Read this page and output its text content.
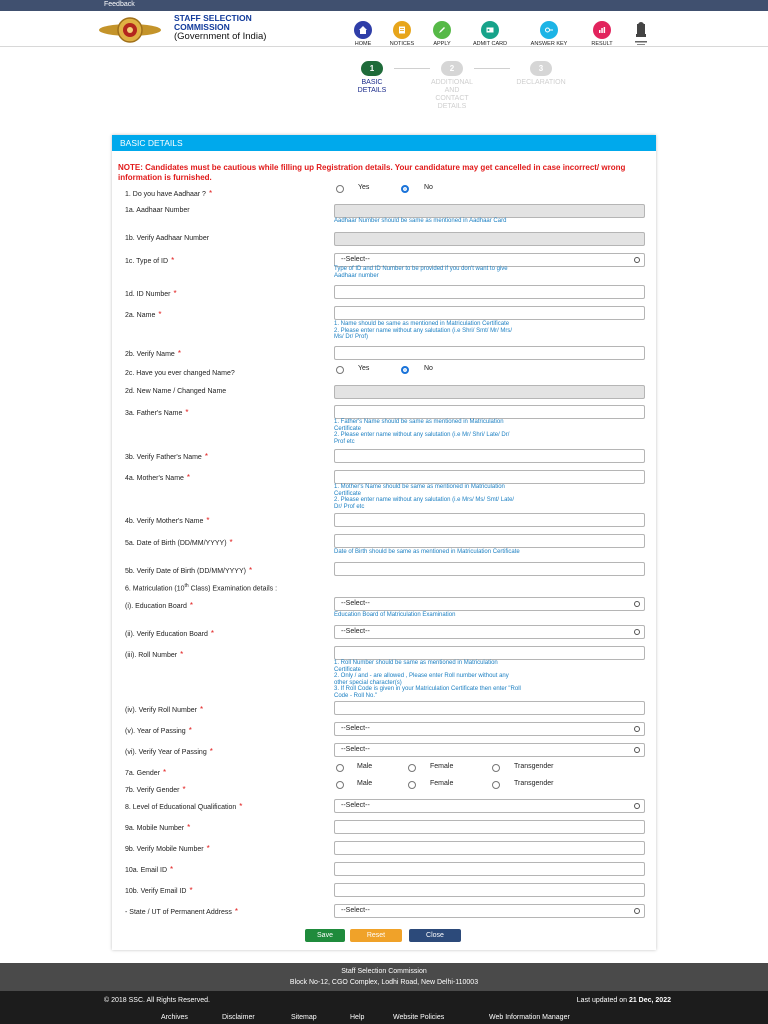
Feedback
STAFF SELECTION
COMMISSION
(Government of India)
HOME	NOTICES	APPLY	ADMIT CARD	ANSWER KEY	RESULT
1
BASIC
DETAILS
2
ADDITIONAL
AND
CONTACT
DETAILS
3
DECLARATION
BASIC DETAILS
NOTE: Candidates must be cautious while filling up Registration details. Your candidature may get cancelled in case incorrect/ wrong information is furnished.
1. Do you have Aadhaar ? *
Yes	No
1a. Aadhaar Number
Aadhaar Number should be same as mentioned in Aadhaar Card
1b. Verify Aadhaar Number
1c. Type of ID *	--Select--
Type of ID and ID Number to be provided if you don't want to give
Aadhaar number
1d. ID Number *
2a. Name *
1. Name should be same as mentioned in Matriculation Certificate
2. Please enter name without any salutation (i.e Shri/ Smt/ Mr/ Mrs/
Ms/ Dr/ Prof)
2b. Verify Name *
2c. Have you ever changed Name?
Yes	No
2d. New Name / Changed Name
3a. Father's Name *
1. Father's Name should be same as mentioned in Matriculation
Certificate
2. Please enter name without any salutation (i.e Mr/ Shri/ Late/ Dr/
Prof etc
3b. Verify Father's Name *
4a. Mother's Name *
1. Mother's Name should be same as mentioned in Matriculation
Certificate
2. Please enter name without any salutation (i.e Mrs/ Ms/ Smt/ Late/
Dr/ Prof etc
4b. Verify Mother's Name *
5a. Date of Birth (DD/MM/YYYY) *
Date of Birth should be same as mentioned in Matriculation Certificate
5b. Verify Date of Birth (DD/MM/YYYY) *
6. Matriculation (10th Class) Examination details :
(i). Education Board *	--Select--
Education Board of Matriculation Examination
(ii). Verify Education Board *	--Select--
(iii). Roll Number *
1. Roll Number should be same as mentioned in Matriculation
Certificate
2. Only / and - are allowed , Please enter Roll number without any
other special character(s)
3. If Roll Code is given in your Matriculation Certificate then enter "Roll
Code - Roll No."
(iv). Verify Roll Number *
(v). Year of Passing *	--Select--
(vi). Verify Year of Passing *	--Select--
7a. Gender *
Male	Female	Transgender
7b. Verify Gender *
Male	Female	Transgender
8. Level of Educational Qualification *	--Select--
9a. Mobile Number *
9b. Verify Mobile Number *
10a. Email ID *
10b. Verify Email ID *
- State / UT of Permanent Address *	--Select--
Save	Reset	Close
Staff Selection Commission
Block No-12, CGO Complex, Lodhi Road, New Delhi-110003
© 2018 SSC. All Rights Reserved.	Last updated on 21 Dec, 2022
Archives	Disclaimer	Sitemap	Help	Website Policies	Web Information Manager
